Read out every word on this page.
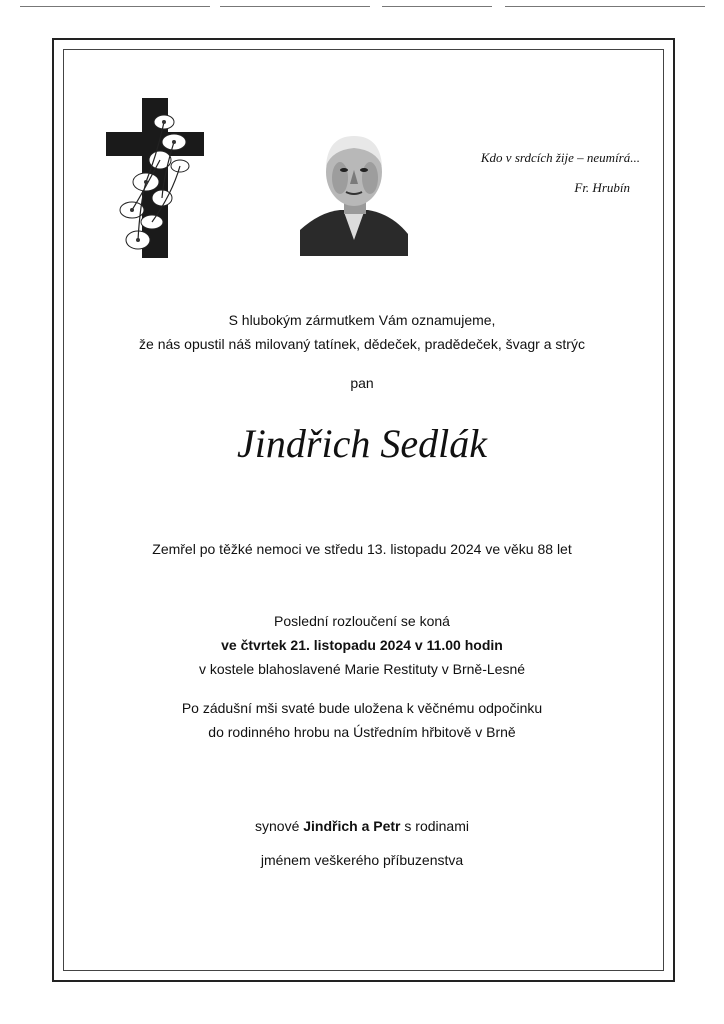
Kdo v srdcích žije – neumírá...
Fr. Hrubín
S hlubokým zármutkem Vám oznamujeme,
že nás opustil náš milovaný tatínek, dědeček, pradědeček, švagr a strýc
pan
Jindřich Sedlák
Zemřel po těžké nemoci ve středu 13. listopadu 2024 ve věku 88 let
Poslední rozloučení se koná
ve čtvrtek 21. listopadu 2024 v 11.00 hodin
v kostele blahoslavené Marie Restituty v Brně-Lesné
Po zádušní mši svaté bude uložena k věčnému odpočinku
do rodinného hrobu na Ústředním hřbitově v Brně
synové Jindřich a Petr s rodinami
jménem veškerého příbuzenstva
